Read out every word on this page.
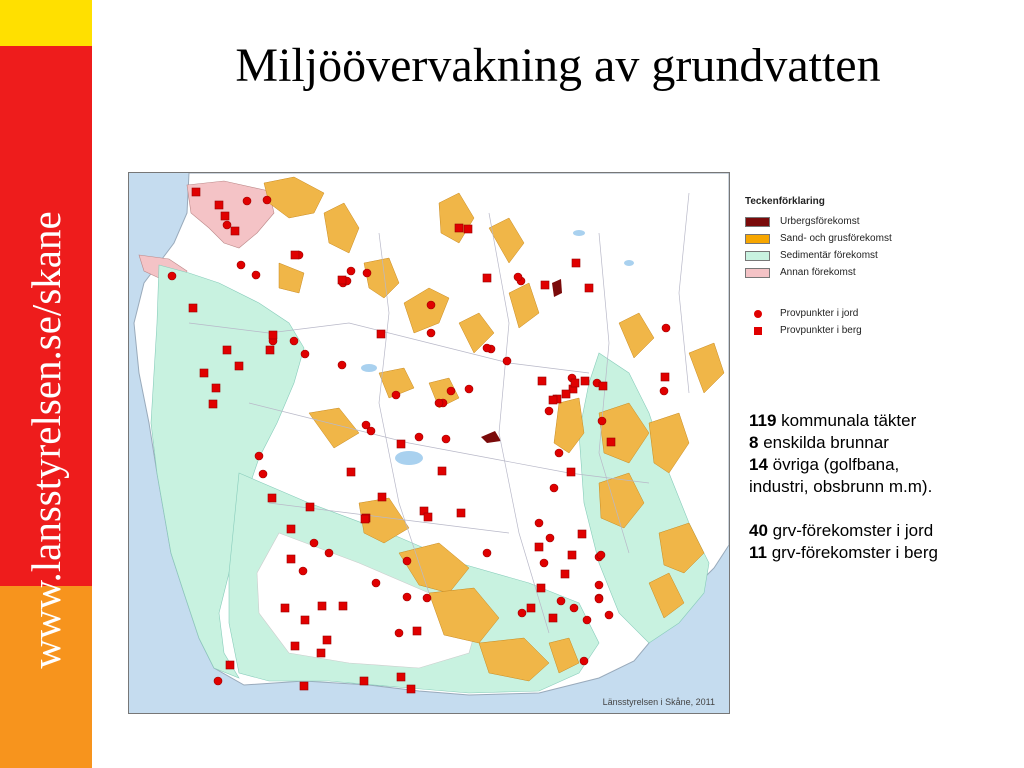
www.lansstyrelsen.se/skane
Miljöövervakning av grundvatten
Länsstyrelsen i Skåne, 2011
Teckenförklaring
Urbergsförekomst
Sand- och grusförekomst
Sedimentär förekomst
Annan förekomst
Provpunkter i jord
Provpunkter i berg

119 kommunala täkter

8 enskilda brunnar

14 övriga (golfbana,

industri, obsbrunn m.m).

40 grv-förekomster i jord

11 grv-förekomster i berg
